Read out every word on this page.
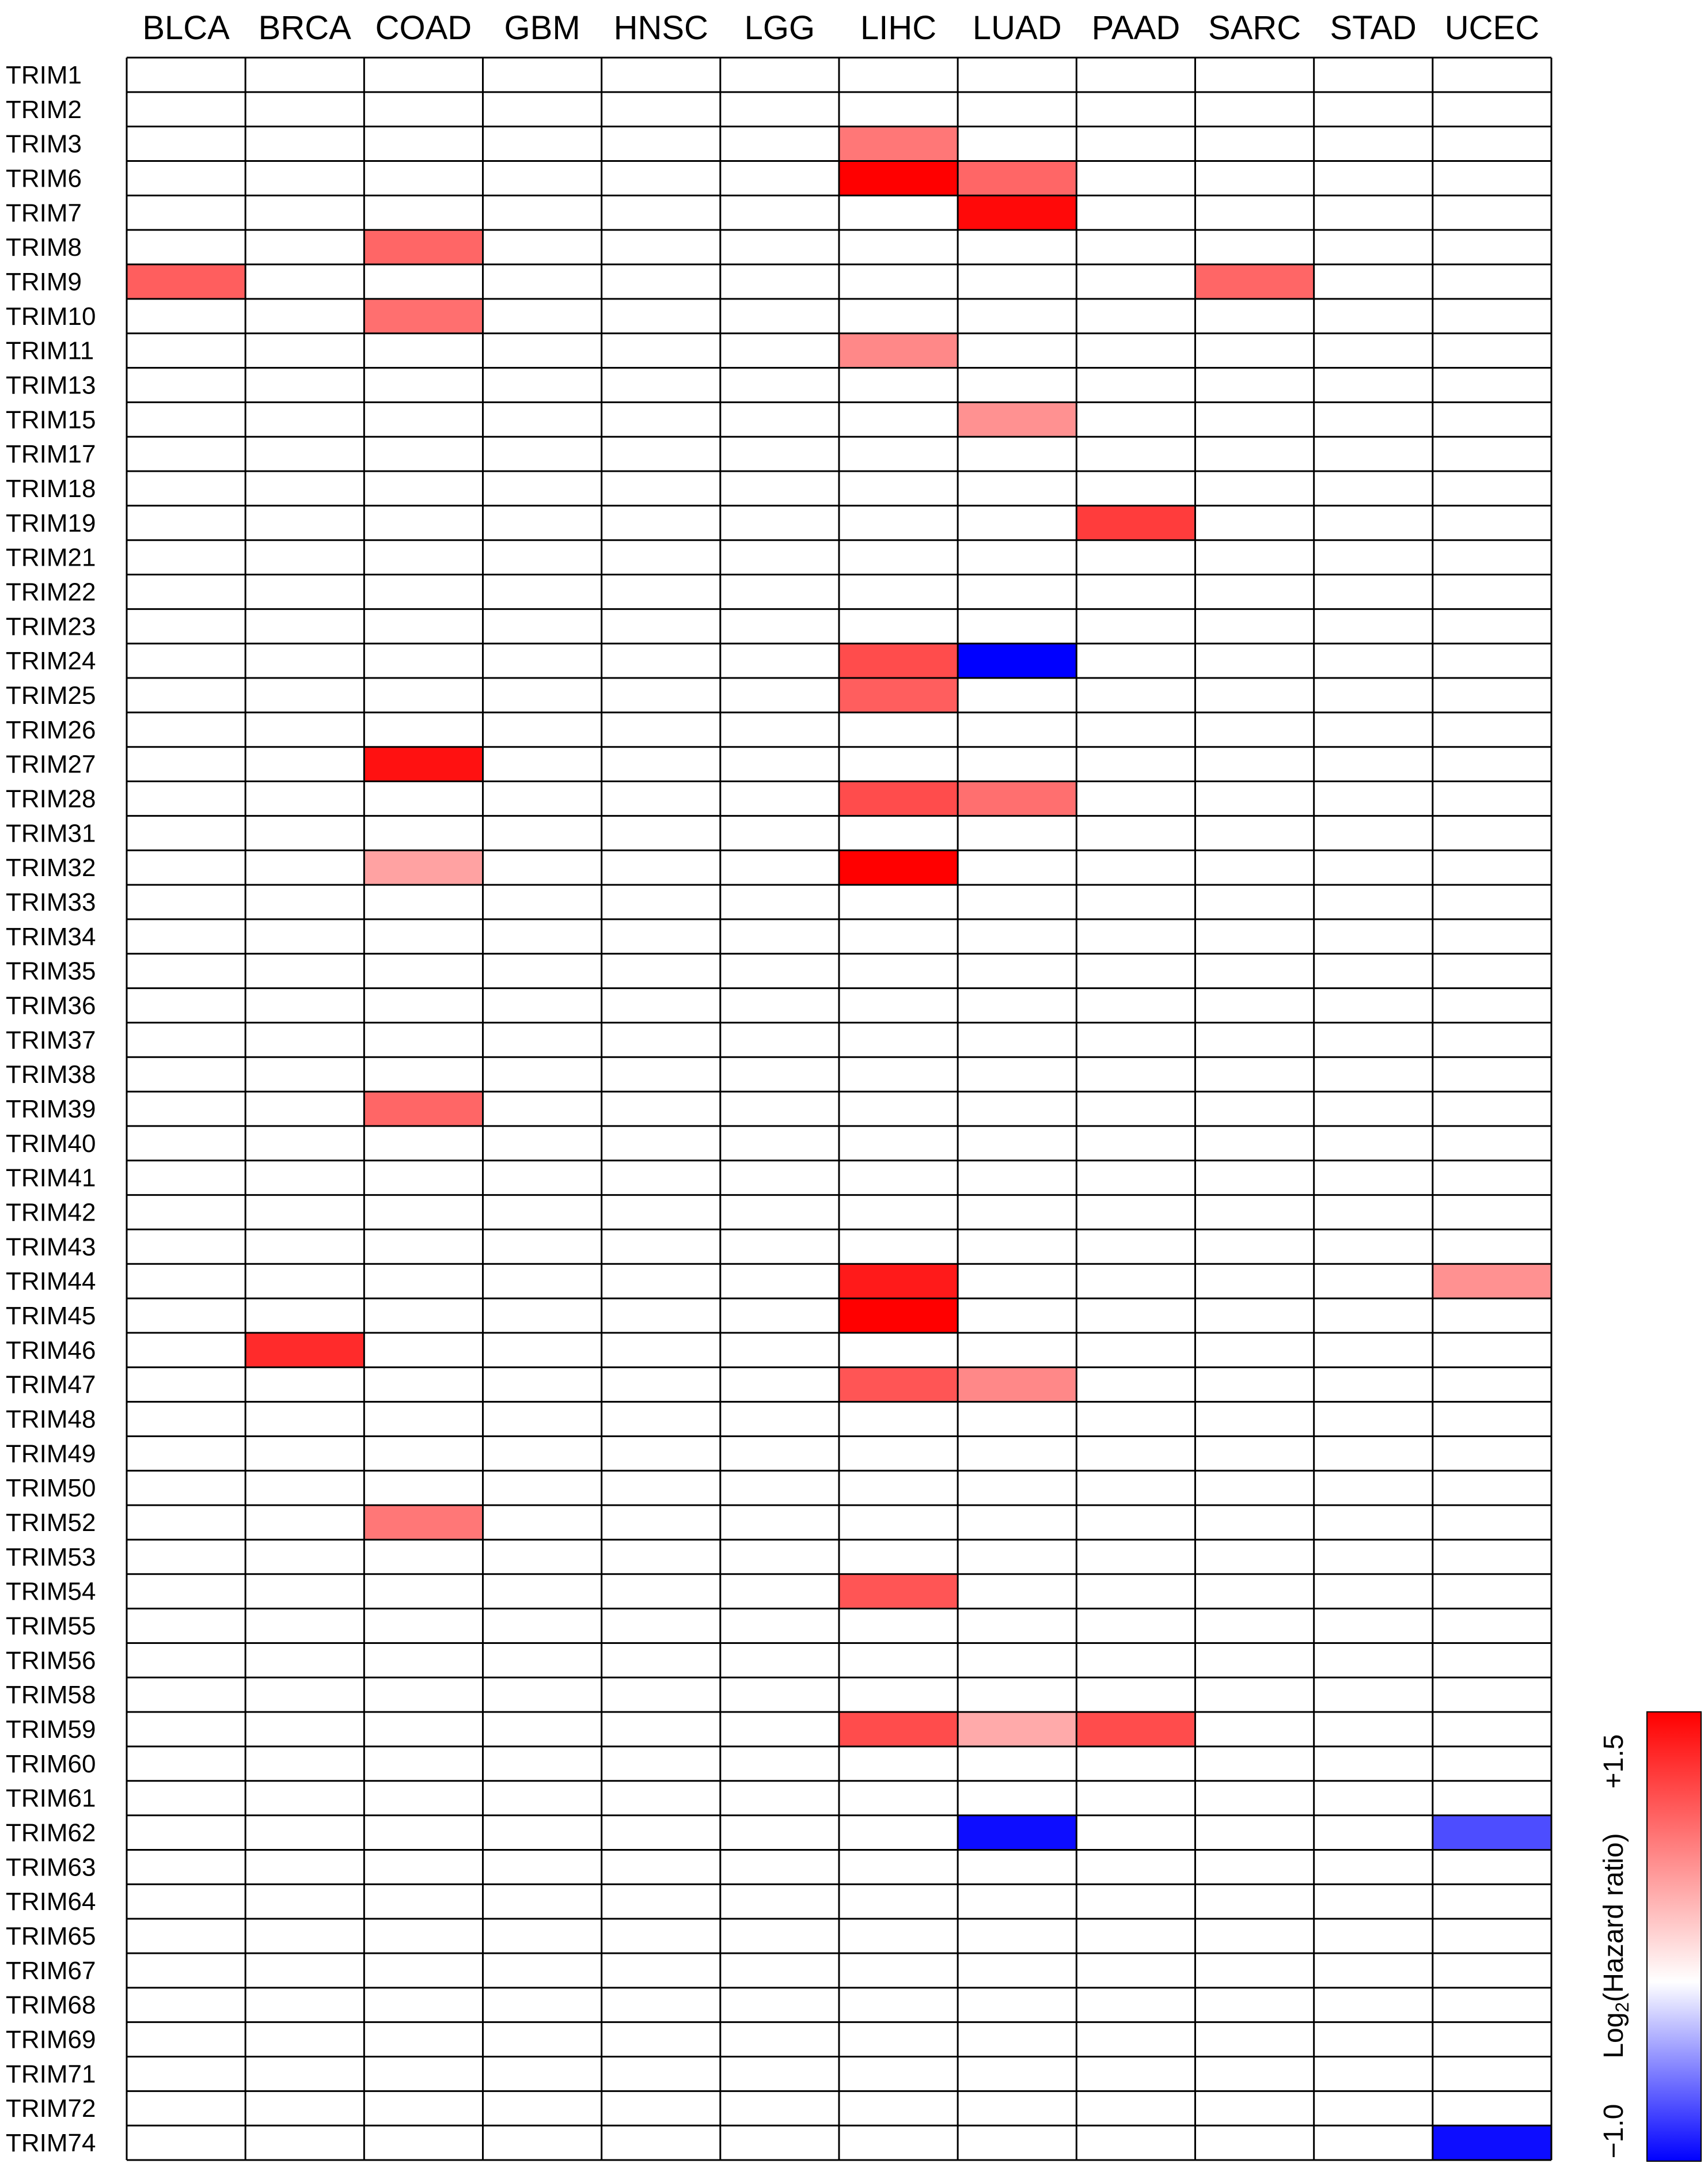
BLCA BRCA COAD GBM HNSC LGG LIHC LUAD PAAD SARC STAD UCEC
TRIM1
TRIM2
TRIM3
TRIM6
TRIM7
TRIM8
TRIM9
TRIM10
TRIM11
TRIM13
TRIM15
TRIM17
TRIM18
TRIM19
TRIM21
TRIM22
TRIM23
TRIM24
TRIM25
TRIM26
TRIM27
TRIM28
TRIM31
TRIM32
TRIM33
TRIM34
TRIM35
TRIM36
TRIM37
TRIM38
TRIM39
TRIM40
TRIM41
TRIM42
TRIM43
TRIM44
TRIM45
TRIM46
TRIM47
TRIM48
TRIM49
TRIM50
TRIM52
TRIM53
TRIM54
TRIM55
TRIM56
TRIM58
TRIM59
TRIM60
TRIM61
TRIM62
TRIM63
TRIM64
TRIM65
TRIM67
TRIM68
TRIM69
TRIM71
TRIM72
TRIM74
+1.5
−1.0
Log$_2$(Hazard ratio)
